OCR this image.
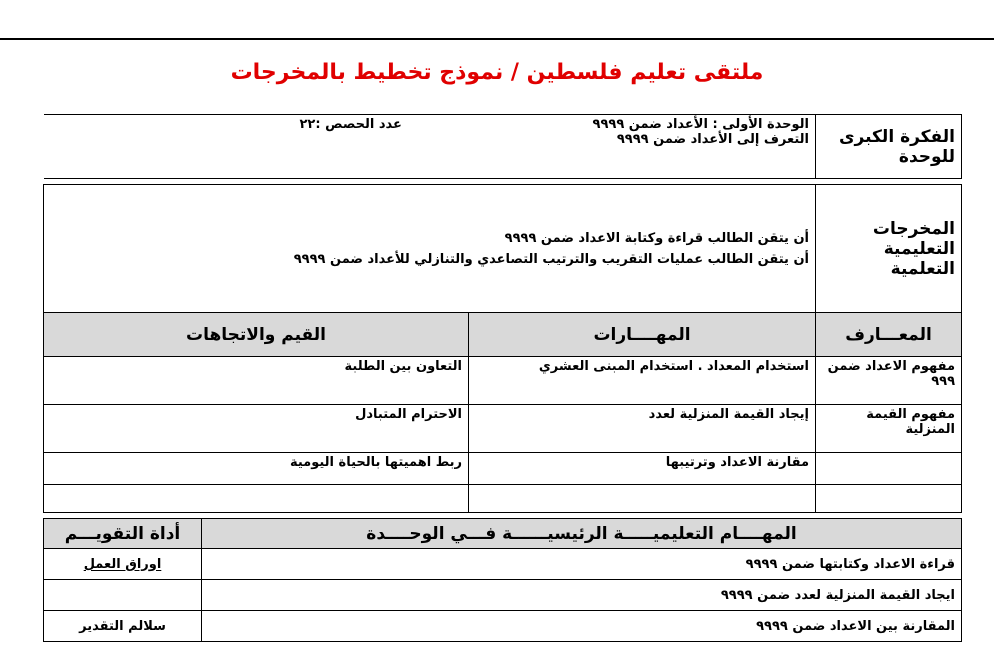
ملتقى تعليم فلسطين / نموذج تخطيط بالمخرجات
الفكرة الكبرى للوحدة	الوحدة الأولى : الأعداد ضمن ٩٩٩٩
عدد الحصص :٢٢
التعرف إلى الأعداد ضمن ٩٩٩٩		

المخرجات التعليمية التعلمية	أن يتقن الطالب قراءة وكتابة الاعداد ضمن ٩٩٩٩
أن يتقن الطالب عمليات التقريب والترتيب التصاعدي والتنازلي للأعداد ضمن ٩٩٩٩		

المعـــارف	المهــــارات	القيم والاتجاهات	
مفهوم الاعداد ضمن ٩٩٩	استخدام المعداد . استخدام المبنى العشري	التعاون بين الطلبة	
مفهوم القيمة المنزلية	إيجاد القيمة المنزلية لعدد	الاحترام المتبادل	
	مقارنة الاعداد وترتيبها	ربط اهميتها بالحياة اليومية	

المهــــام التعليميـــــة الرئيسيــــــة فـــي الوحــــدة			أداة التقويـــم
قراءة الاعداد وكتابتها ضمن ٩٩٩٩			اوراق العمل
ايجاد القيمة المنزلية لعدد ضمن ٩٩٩٩			
المقارنة بين الاعداد ضمن ٩٩٩٩			سلالم التقدير
